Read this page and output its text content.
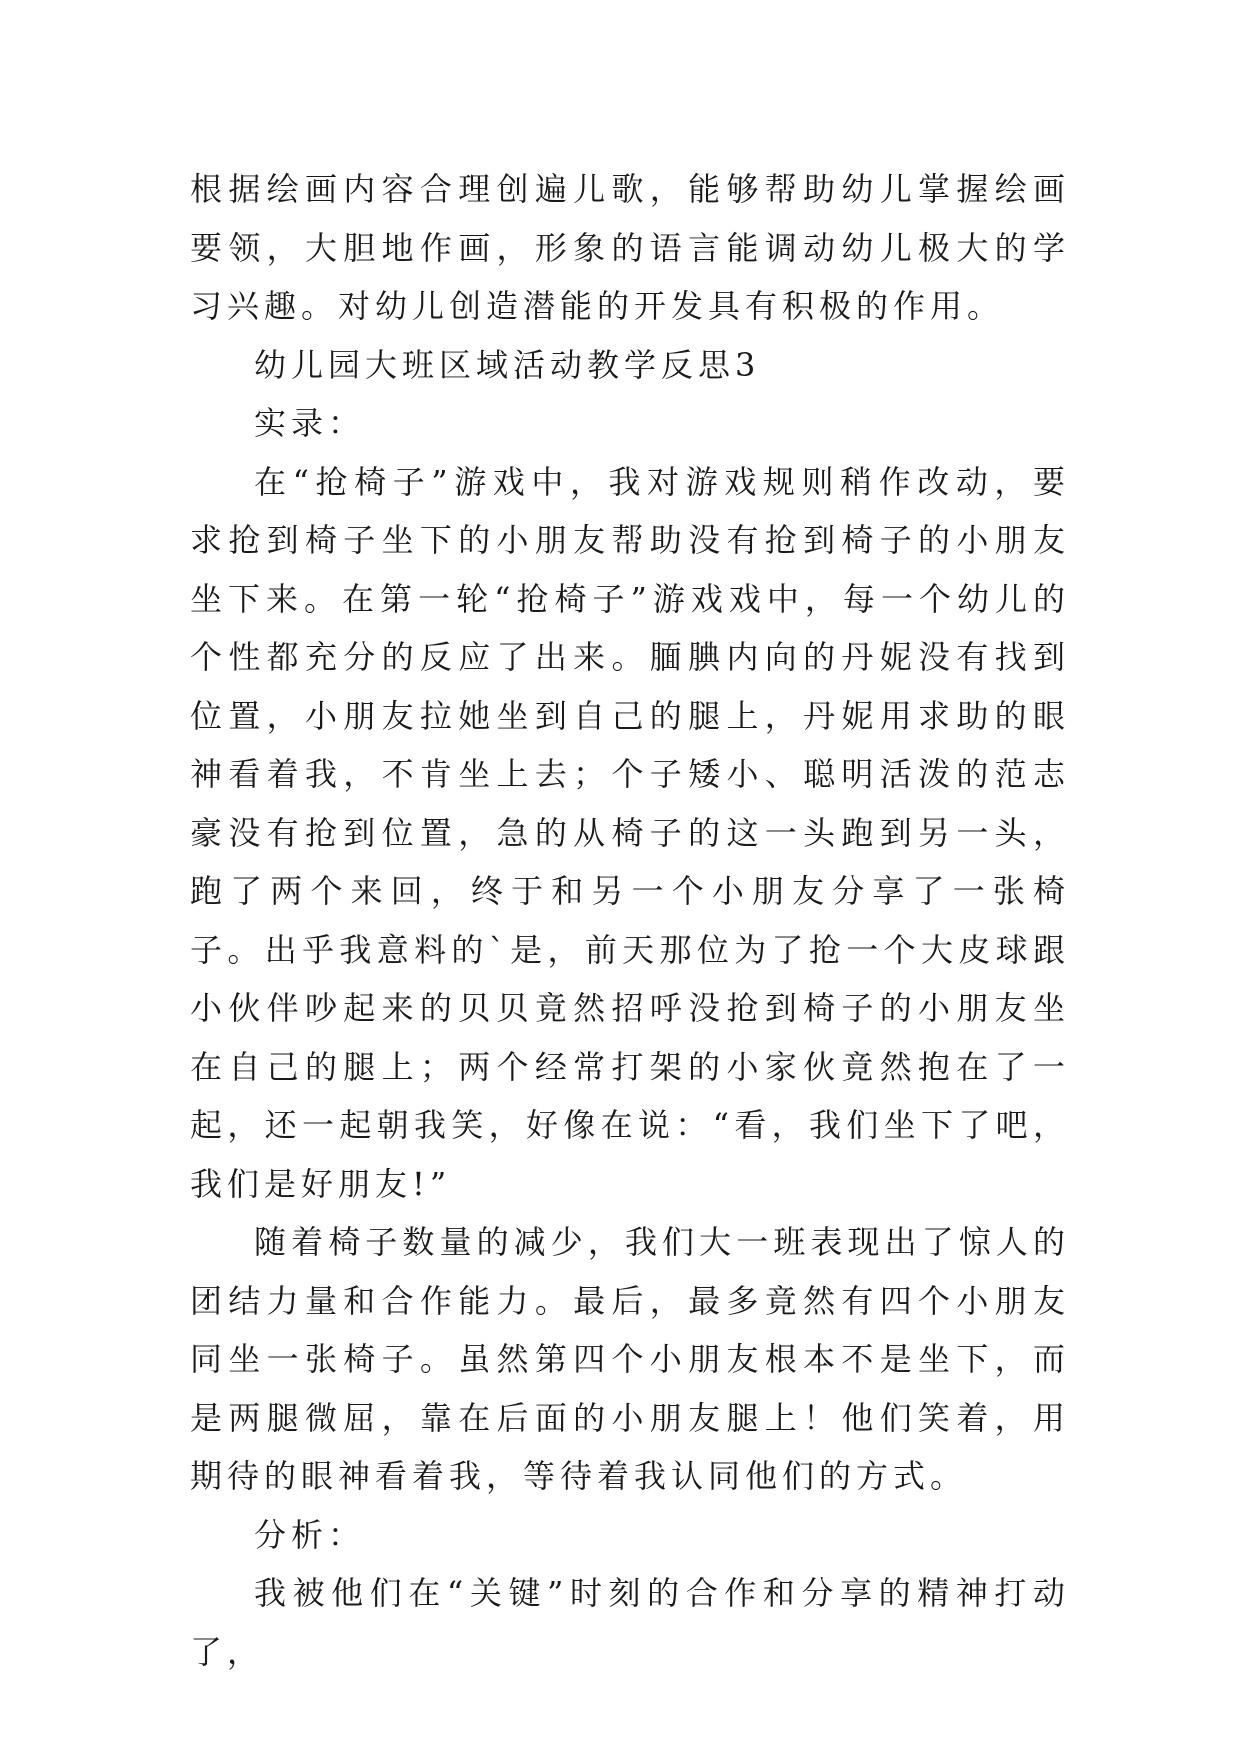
根据绘画内容合理创遍儿歌，能够帮助幼儿掌握绘画要领，大胆地作画，形象的语言能调动幼儿极大的学习兴趣。对幼儿创造潜能的开发具有积极的作用。

幼儿园大班区域活动教学反思3

实录：

在“抢椅子”游戏中，我对游戏规则稍作改动，要求抢到椅子坐下的小朋友帮助没有抢到椅子的小朋友坐下来。在第一轮“抢椅子”游戏戏中，每一个幼儿的个性都充分的反应了出来。腼腆内向的丹妮没有找到位置，小朋友拉她坐到自己的腿上，丹妮用求助的眼神看着我，不肯坐上去；个子矮小、聪明活泼的范志豪没有抢到位置，急的从椅子的这一头跑到另一头，跑了两个来回，终于和另一个小朋友分享了一张椅子。出乎我意料的`是，前天那位为了抢一个大皮球跟小伙伴吵起来的贝贝竟然招呼没抢到椅子的小朋友坐在自己的腿上；两个经常打架的小家伙竟然抱在了一起，还一起朝我笑，好像在说：“看，我们坐下了吧，我们是好朋友!”

随着椅子数量的减少，我们大一班表现出了惊人的团结力量和合作能力。最后，最多竟然有四个小朋友同坐一张椅子。虽然第四个小朋友根本不是坐下，而是两腿微屈，靠在后面的小朋友腿上！他们笑着，用期待的眼神看着我，等待着我认同他们的方式。

分析：

我被他们在“关键”时刻的合作和分享的精神打动了，
